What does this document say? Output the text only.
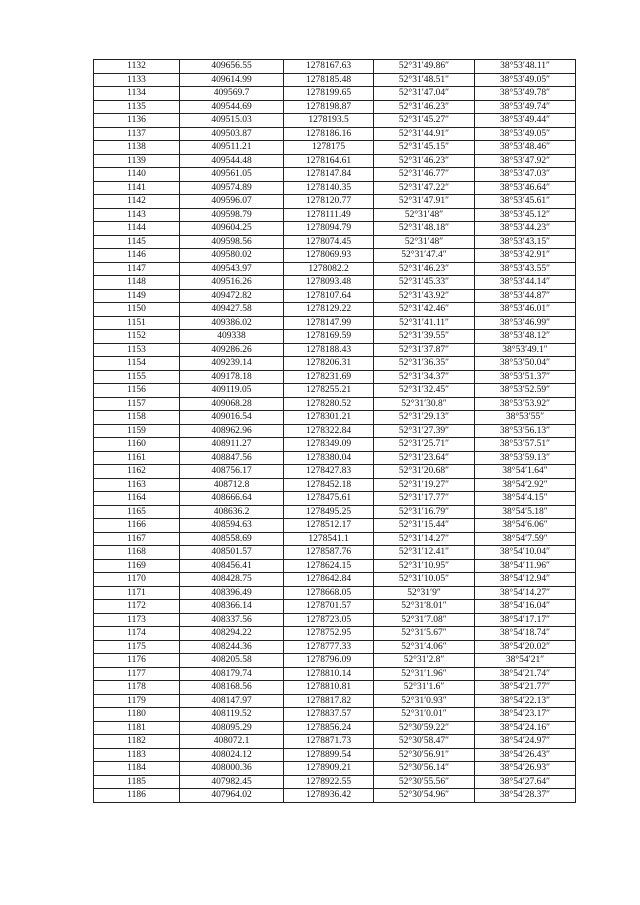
1132	409656.55	1278167.63	52°31′49.86″	38°53′48.11″
1133	409614.99	1278185.48	52°31′48.51″	38°53′49.05″
1134	409569.7	1278199.65	52°31′47.04″	38°53′49.78″
1135	409544.69	1278198.87	52°31′46.23″	38°53′49.74″
1136	409515.03	1278193.5	52°31′45.27″	38°53′49.44″
1137	409503.87	1278186.16	52°31′44.91″	38°53′49.05″
1138	409511.21	1278175	52°31′45.15″	38°53′48.46″
1139	409544.48	1278164.61	52°31′46.23″	38°53′47.92″
1140	409561.05	1278147.84	52°31′46.77″	38°53′47.03″
1141	409574.89	1278140.35	52°31′47.22″	38°53′46.64″
1142	409596.07	1278120.77	52°31′47.91″	38°53′45.61″
1143	409598.79	1278111.49	52°31′48″	38°53′45.12″
1144	409604.25	1278094.79	52°31′48.18″	38°53′44.23″
1145	409598.56	1278074.45	52°31′48″	38°53′43.15″
1146	409580.02	1278069.93	52°31′47.4″	38°53′42.91″
1147	409543.97	1278082.2	52°31′46.23″	38°53′43.55″
1148	409516.26	1278093.48	52°31′45.33″	38°53′44.14″
1149	409472.82	1278107.64	52°31′43.92″	38°53′44.87″
1150	409427.58	1278129.22	52°31′42.46″	38°53′46.01″
1151	409386.02	1278147.99	52°31′41.11″	38°53′46.99″
1152	409338	1278169.59	52°31′39.55″	38°53′48.12″
1153	409286.26	1278188.43	52°31′37.87″	38°53′49.1″
1154	409239.14	1278206.31	52°31′36.35″	38°53′50.04″
1155	409178.18	1278231.69	52°31′34.37″	38°53′51.37″
1156	409119.05	1278255.21	52°31′32.45″	38°53′52.59″
1157	409068.28	1278280.52	52°31′30.8″	38°53′53.92″
1158	409016.54	1278301.21	52°31′29.13″	38°53′55″
1159	408962.96	1278322.84	52°31′27.39″	38°53′56.13″
1160	408911.27	1278349.09	52°31′25.71″	38°53′57.51″
1161	408847.56	1278380.04	52°31′23.64″	38°53′59.13″
1162	408756.17	1278427.83	52°31′20.68″	38°54′1.64″
1163	408712.8	1278452.18	52°31′19.27″	38°54′2.92″
1164	408666.64	1278475.61	52°31′17.77″	38°54′4.15″
1165	408636.2	1278495.25	52°31′16.79″	38°54′5.18″
1166	408594.63	1278512.17	52°31′15.44″	38°54′6.06″
1167	408558.69	1278541.1	52°31′14.27″	38°54′7.59″
1168	408501.57	1278587.76	52°31′12.41″	38°54′10.04″
1169	408456.41	1278624.15	52°31′10.95″	38°54′11.96″
1170	408428.75	1278642.84	52°31′10.05″	38°54′12.94″
1171	408396.49	1278668.05	52°31′9″	38°54′14.27″
1172	408366.14	1278701.57	52°31′8.01″	38°54′16.04″
1173	408337.56	1278723.05	52°31′7.08″	38°54′17.17″
1174	408294.22	1278752.95	52°31′5.67″	38°54′18.74″
1175	408244.36	1278777.33	52°31′4.06″	38°54′20.02″
1176	408205.58	1278796.09	52°31′2.8″	38°54′21″
1177	408179.74	1278810.14	52°31′1.96″	38°54′21.74″
1178	408168.56	1278810.81	52°31′1.6″	38°54′21.77″
1179	408147.97	1278817.82	52°31′0.93″	38°54′22.13″
1180	408119.52	1278837.57	52°31′0.01″	38°54′23.17″
1181	408095.29	1278856.24	52°30′59.22″	38°54′24.16″
1182	408072.1	1278871.73	52°30′58.47″	38°54′24.97″
1183	408024.12	1278899.54	52°30′56.91″	38°54′26.43″
1184	408000.36	1278909.21	52°30′56.14″	38°54′26.93″
1185	407982.45	1278922.55	52°30′55.56″	38°54′27.64″
1186	407964.02	1278936.42	52°30′54.96″	38°54′28.37″
